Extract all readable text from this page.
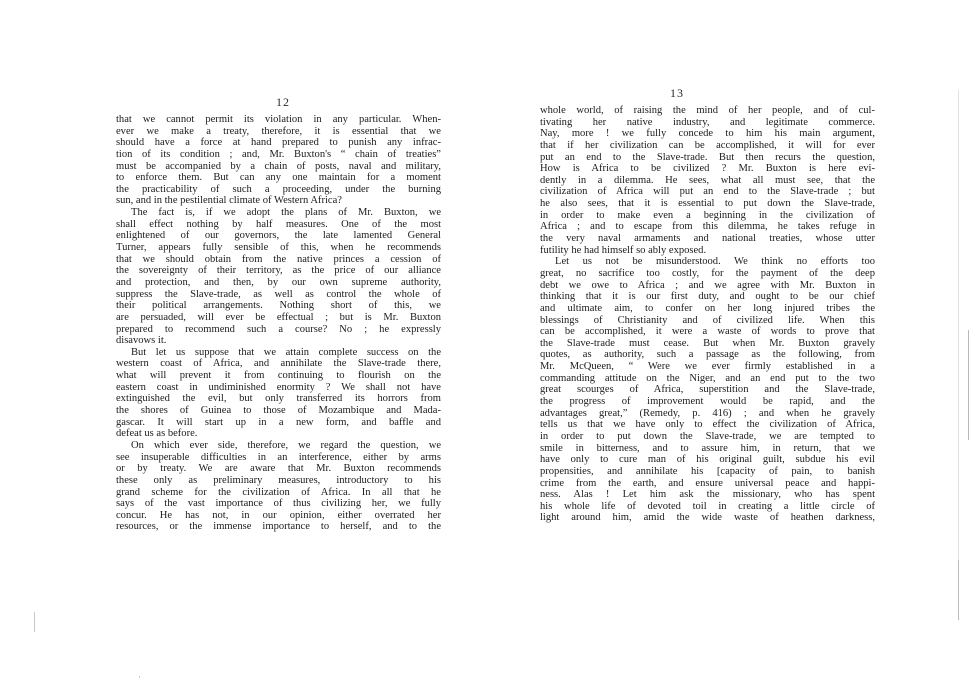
12
that we cannot permit its violation in any particular. When-
ever we make a treaty, therefore, it is essential that we
should have a force at hand prepared to punish any infrac-
tion of its condition ; and, Mr. Buxton's “ chain of treaties”
must be accompanied by a chain of posts, naval and military,
to enforce them. But can any one maintain for a moment
the practicability of such a proceeding, under the burning
sun, and in the pestilential climate of Western Africa?
The fact is, if we adopt the plans of Mr. Buxton, we
shall effect nothing by half measures. One of the most
enlightened of our governors, the late lamented General
Turner, appears fully sensible of this, when he recommends
that we should obtain from the native princes a cession of
the sovereignty of their territory, as the price of our alliance
and protection, and then, by our own supreme authority,
suppress the Slave-trade, as well as control the whole of
their political arrangements. Nothing short of this, we
are persuaded, will ever be effectual ; but is Mr. Buxton
prepared to recommend such a course? No ; he expressly
disavows it.
But let us suppose that we attain complete success on the
western coast of Africa, and annihilate the Slave-trade there,
what will prevent it from continuing to flourish on the
eastern coast in undiminished enormity ? We shall not have
extinguished the evil, but only transferred its horrors from
the shores of Guinea to those of Mozambique and Mada-
gascar. It will start up in a new form, and baffle and
defeat us as before.
On which ever side, therefore, we regard the question, we
see insuperable difficulties in an interference, either by arms
or by treaty. We are aware that Mr. Buxton recommends
these only as preliminary measures, introductory to his
grand scheme for the civilization of Africa. In all that he
says of the vast importance of thus civilizing her, we fully
concur. He has not, in our opinion, either overrated her
resources, or the immense importance to herself, and to the
·
13
whole world, of raising the mind of her people, and of cul-
tivating her native industry, and legitimate commerce.
Nay, more ! we fully concede to him his main argument,
that if her civilization can be accomplished, it will for ever
put an end to the Slave-trade. But then recurs the question,
How is Africa to be civilized ? Mr. Buxton is here evi-
dently in a dilemma. He sees, what all must see, that the
civilization of Africa will put an end to the Slave-trade ; but
he also sees, that it is essential to put down the Slave-trade,
in order to make even a beginning in the civilization of
Africa ; and to escape from this dilemma, he takes refuge in
the very naval armaments and national treaties, whose utter
futility he had himself so ably exposed.
Let us not be misunderstood. We think no efforts too
great, no sacrifice too costly, for the payment of the deep
debt we owe to Africa ; and we agree with Mr. Buxton in
thinking that it is our first duty, and ought to be our chief
and ultimate aim, to confer on her long injured tribes the
blessings of Christianity and of civilized life. When this
can be accomplished, it were a waste of words to prove that
the Slave-trade must cease. But when Mr. Buxton gravely
quotes, as authority, such a passage as the following, from
Mr. McQueen, “ Were we ever firmly established in a
commanding attitude on the Niger, and an end put to the two
great scourges of Africa, superstition and the Slave-trade,
the progress of improvement would be rapid, and the
advantages great,” (Remedy, p. 416) ; and when he gravely
tells us that we have only to effect the civilization of Africa,
in order to put down the Slave-trade, we are tempted to
smile in bitterness, and to assure him, in return, that we
have only to cure man of his original guilt, subdue his evil
propensities, and annihilate his [capacity of pain, to banish
crime from the earth, and ensure universal peace and happi-
ness. Alas ! Let him ask the missionary, who has spent
his whole life of devoted toil in creating a little circle of
light around him, amid the wide waste of heathen darkness,
